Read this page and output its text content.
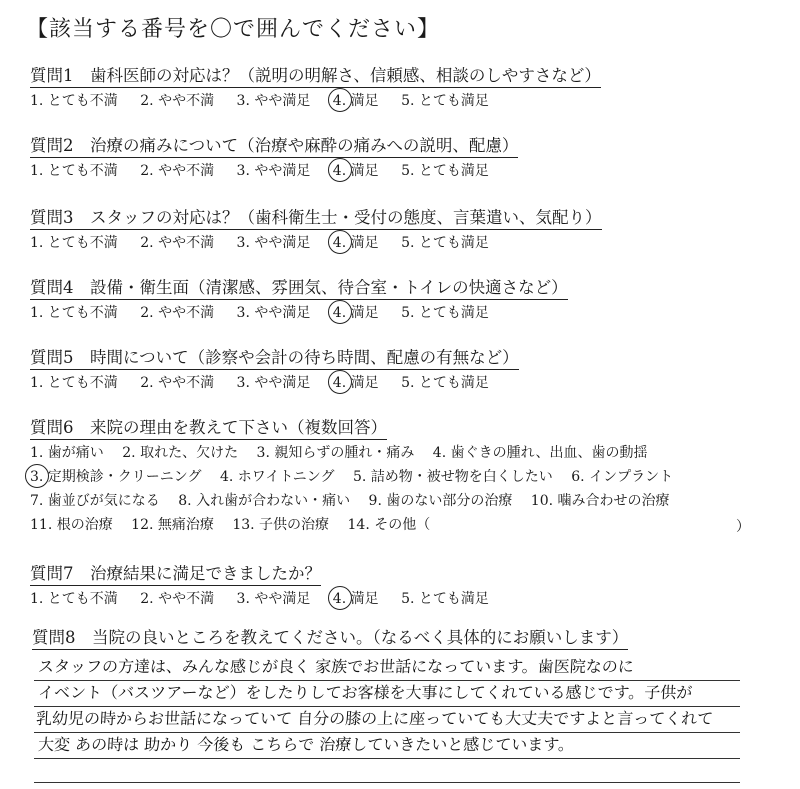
【該当する番号を〇で囲んでください】
質問1　歯科医師の対応は？（説明の明解さ、信頼感、相談のしやすさなど）
1. とても不満 2. やや不満 3. やや満足 4. 満足 5. とても満足
質問2　治療の痛みについて（治療や麻酔の痛みへの説明、配慮）
1. とても不満 2. やや不満 3. やや満足 4. 満足 5. とても満足
質問3　スタッフの対応は？（歯科衛生士・受付の態度、言葉遣い、気配り）
1. とても不満 2. やや不満 3. やや満足 4. 満足 5. とても満足
質問4　設備・衛生面（清潔感、雰囲気、待合室・トイレの快適さなど）
1. とても不満 2. やや不満 3. やや満足 4. 満足 5. とても満足
質問5　時間について（診察や会計の待ち時間、配慮の有無など）
1. とても不満 2. やや不満 3. やや満足 4. 満足 5. とても満足
質問6　来院の理由を教えて下さい（複数回答）
1. 歯が痛い 2. 取れた、欠けた 3. 親知らずの腫れ・痛み 4. 歯ぐきの腫れ、出血、歯の動揺
3. 定期検診・クリーニング 4. ホワイトニング 5. 詰め物・被せ物を白くしたい 6. インプラント
7. 歯並びが気になる 8. 入れ歯が合わない・痛い 9. 歯のない部分の治療 10. 噛み合わせの治療
11. 根の治療 12. 無痛治療 13. 子供の治療 14. その他（	）
質問7　治療結果に満足できましたか？
1. とても不満 2. やや不満 3. やや満足 4. 満足 5. とても満足
質問8　当院の良いところを教えてください。（なるべく具体的にお願いします）
スタッフの方達は、みんな感じが良く 家族でお世話になっています。歯医院なのに
イベント（バスツアーなど）をしたりしてお客様を大事にしてくれている感じです。子供が
乳幼児の時からお世話になっていて 自分の膝の上に座っていても大丈夫ですよと言ってくれて
大変 あの時は 助かり 今後も こちらで 治療していきたいと感じています。
